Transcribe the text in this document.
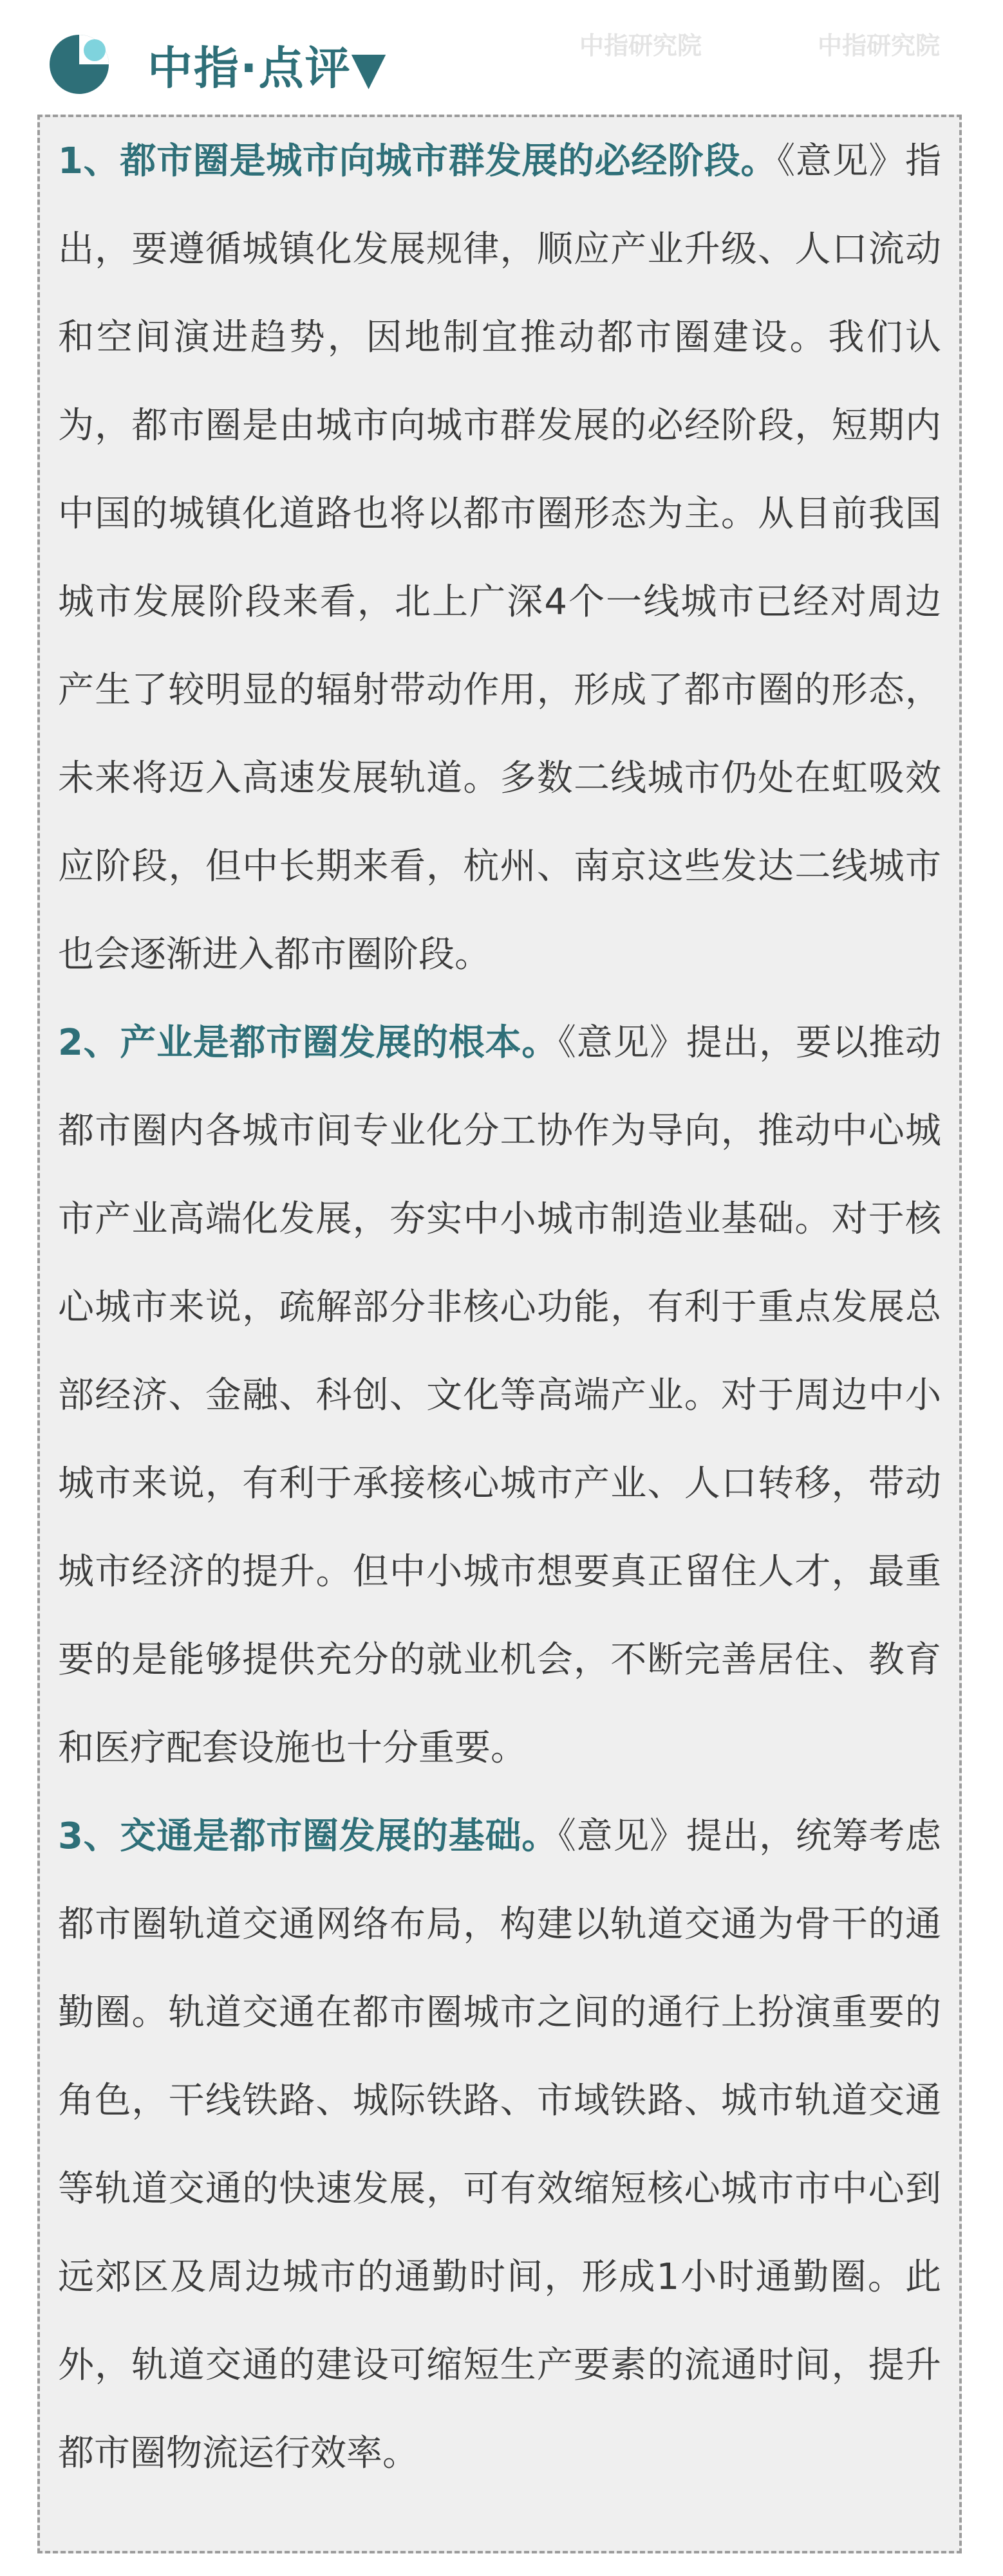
中指·点评▼	中指研究院	中指研究院

1、都市圈是城市向城市群发展的必经阶段。《意见》指出，要遵循城镇化发展规律，顺应产业升级、人口流动和空间演进趋势，因地制宜推动都市圈建设。我们认为，都市圈是由城市向城市群发展的必经阶段，短期内中国的城镇化道路也将以都市圈形态为主。从目前我国城市发展阶段来看，北上广深4个一线城市已经对周边产生了较明显的辐射带动作用，形成了都市圈的形态，未来将迈入高速发展轨道。多数二线城市仍处在虹吸效应阶段，但中长期来看，杭州、南京这些发达二线城市也会逐渐进入都市圈阶段。

2、产业是都市圈发展的根本。《意见》提出，要以推动都市圈内各城市间专业化分工协作为导向，推动中心城市产业高端化发展，夯实中小城市制造业基础。对于核心城市来说，疏解部分非核心功能，有利于重点发展总部经济、金融、科创、文化等高端产业。对于周边中小城市来说，有利于承接核心城市产业、人口转移，带动城市经济的提升。但中小城市想要真正留住人才，最重要的是能够提供充分的就业机会，不断完善居住、教育和医疗配套设施也十分重要。

3、交通是都市圈发展的基础。《意见》提出，统筹考虑都市圈轨道交通网络布局，构建以轨道交通为骨干的通勤圈。轨道交通在都市圈城市之间的通行上扮演重要的角色，干线铁路、城际铁路、市域铁路、城市轨道交通等轨道交通的快速发展，可有效缩短核心城市市中心到远郊区及周边城市的通勤时间，形成1小时通勤圈。此外，轨道交通的建设可缩短生产要素的流通时间，提升都市圈物流运行效率。
